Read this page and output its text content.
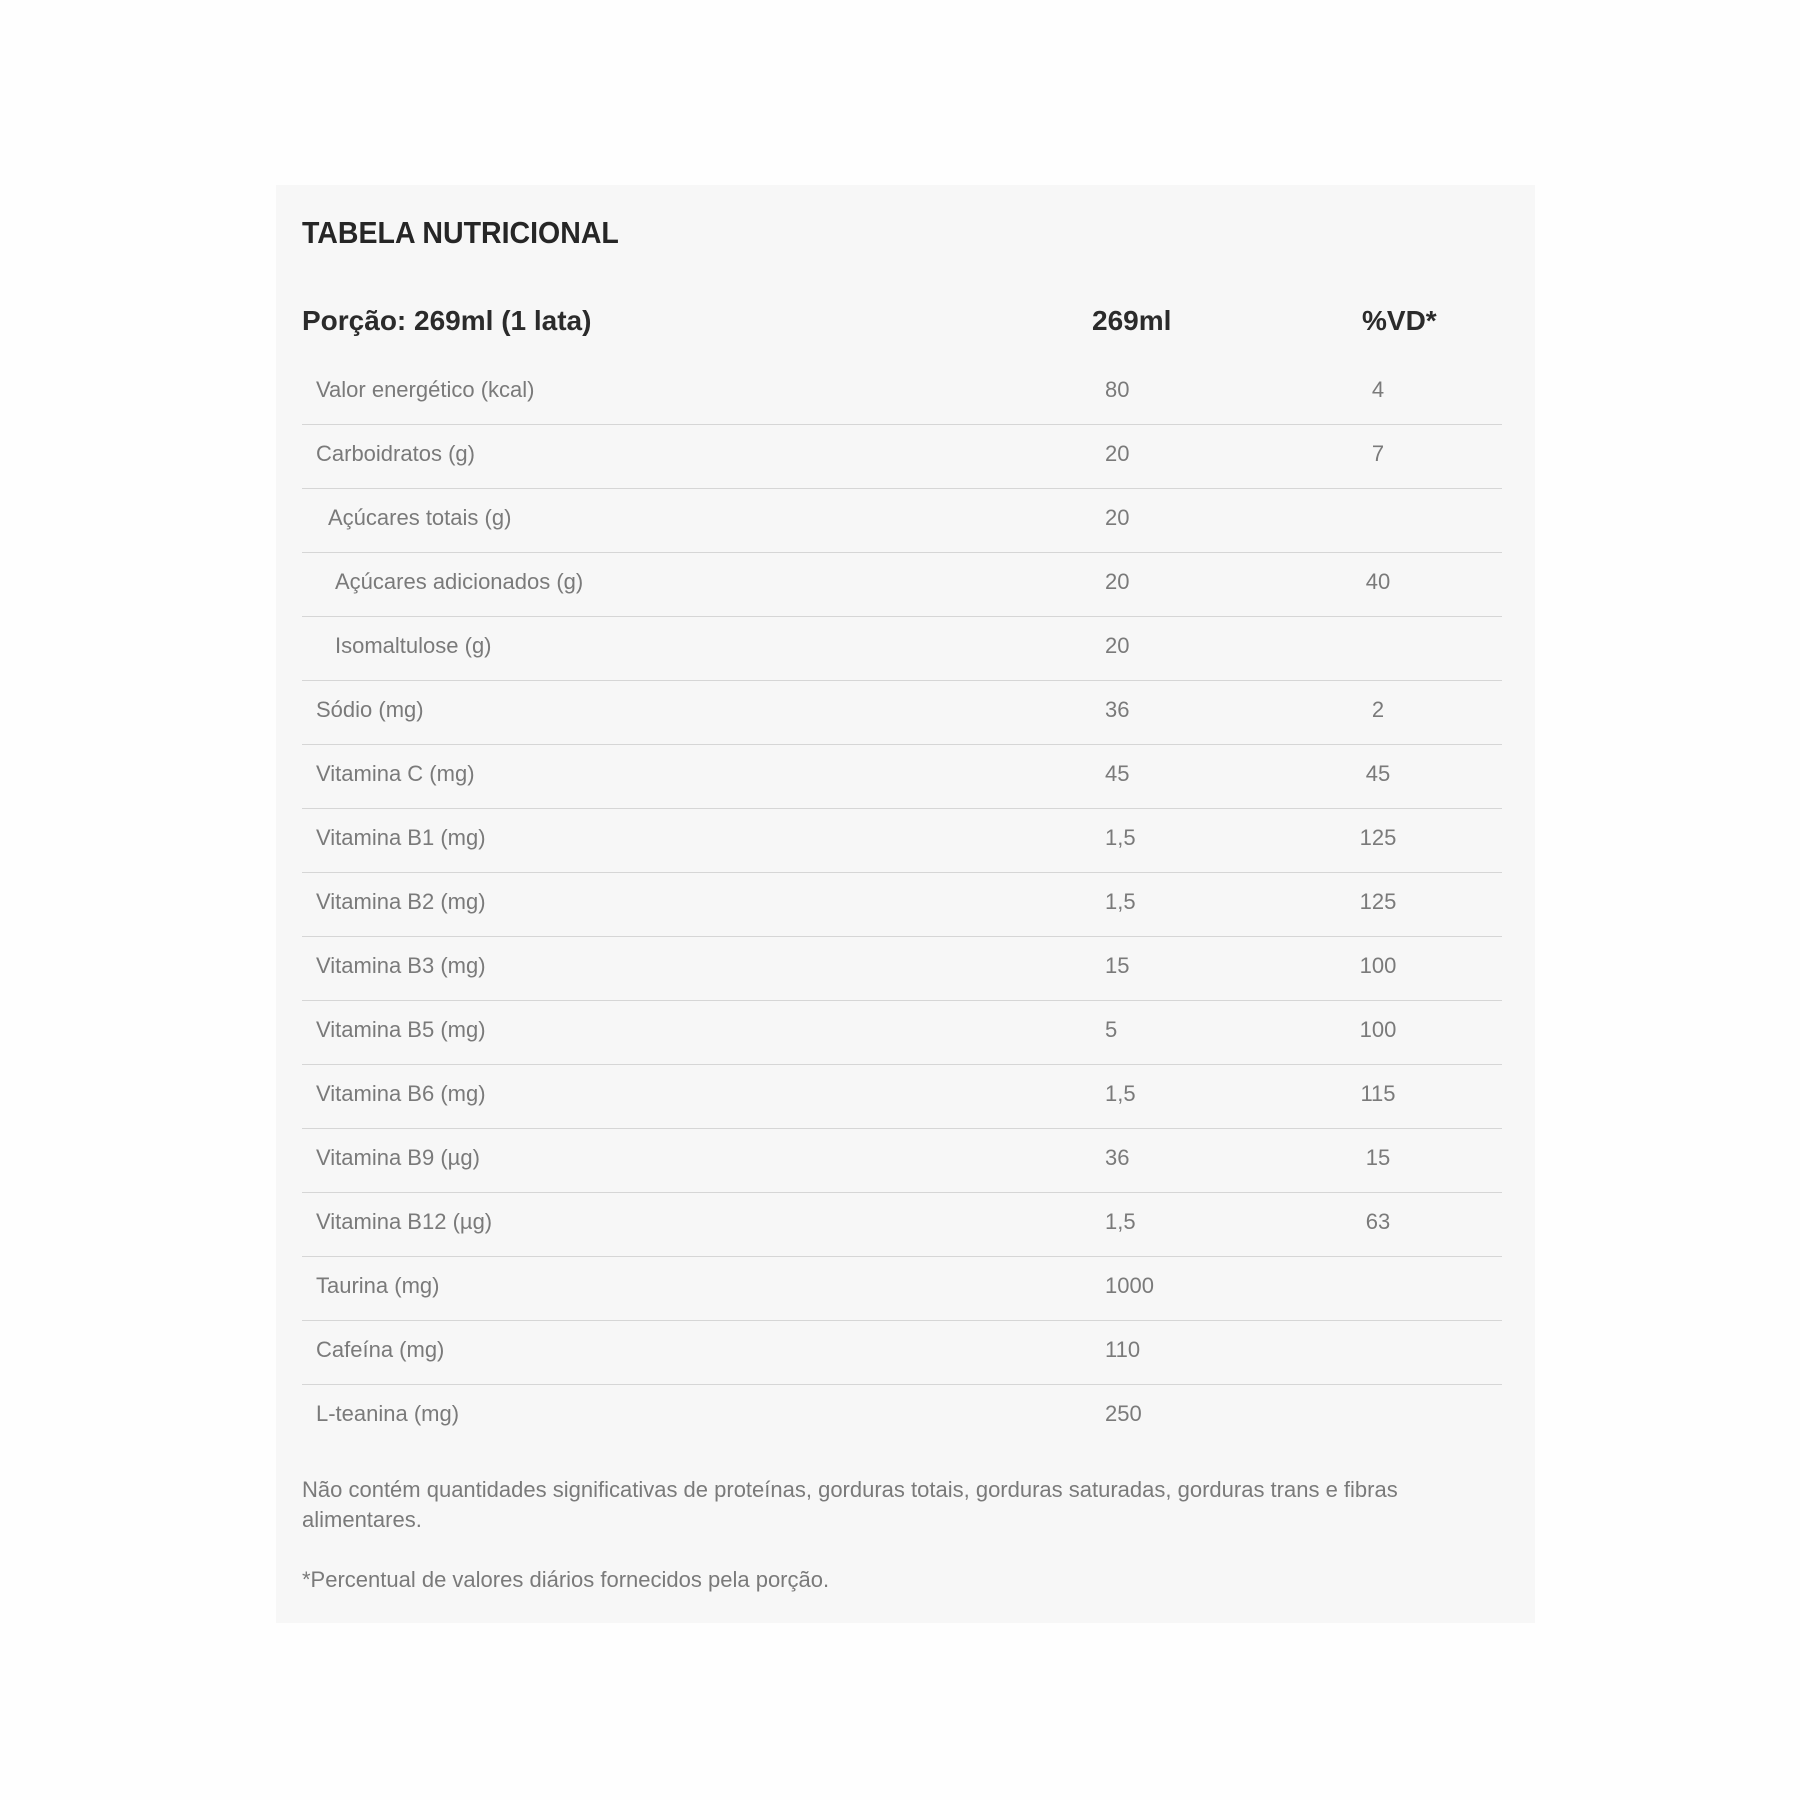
TABELA NUTRICIONAL
Porção: 269ml (1 lata)	269ml	%VD*
Valor energético (kcal)	80	4
Carboidratos (g)	20	7
Açúcares totais (g)	20
Açúcares adicionados (g)	20	40
Isomaltulose (g)	20
Sódio (mg)	36	2
Vitamina C (mg)	45	45
Vitamina B1 (mg)	1,5	125
Vitamina B2 (mg)	1,5	125
Vitamina B3 (mg)	15	100
Vitamina B5 (mg)	5	100
Vitamina B6 (mg)	1,5	115
Vitamina B9 (µg)	36	15
Vitamina B12 (µg)	1,5	63
Taurina (mg)	1000
Cafeína (mg)	110
L-teanina (mg)	250

Não contém quantidades significativas de proteínas, gorduras totais, gorduras saturadas, gorduras trans e fibras alimentares.

*Percentual de valores diários fornecidos pela porção.
